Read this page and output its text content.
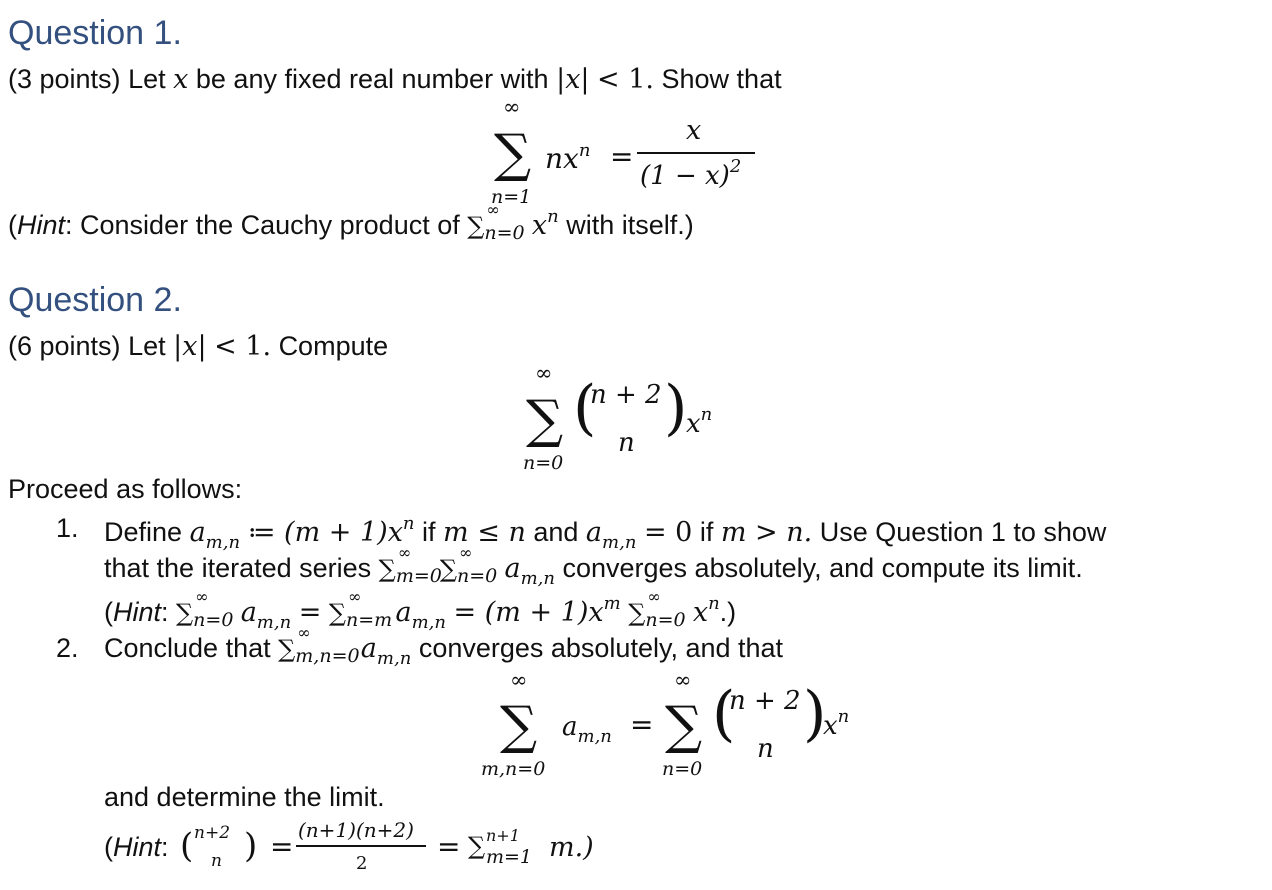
Question 1.
(3 points) Let x be any fixed real number with |x| < 1. Show that
∞
∑
n=1
$nx^n$ =
x
$(1 - x)^2$
(Hint: Consider the Cauchy product of ∑
∞
n=0 $x^n$ with itself.)
Question 2.
(6 points) Let |x| < 1. Compute
∞
∑
n=0
(
n + 2
n )
$x^n$
Proceed as follows:
1. Define $a_{m,n}$ ≔ $(m + 1)x^n$ if m ≤ n and $a_{m,n} = 0$ if m > n. Use Question 1 to show
that the iterated series ∑
∞
m=0
∑
∞
n=0 $a_{m,n}$ converges absolutely, and compute its limit.
(Hint: ∑
∞
n=0 $a_{m,n}$ = ∑
∞
n=m $a_{m,n} = (m + 1)x^m$ ∑
∞
n=0 $x^n$.)
2. Conclude that ∑
∞
m,n=0 $a_{m,n}$ converges absolutely, and that
∞
∑
m,n=0
$a_{m,n}$ =
∞
∑
n=0
(
n + 2
n )
$x^n$
and determine the limit.
(Hint: ( n+2
n ) = (n+1)(n+2)
2
= ∑ n+1
m=1 m.)
